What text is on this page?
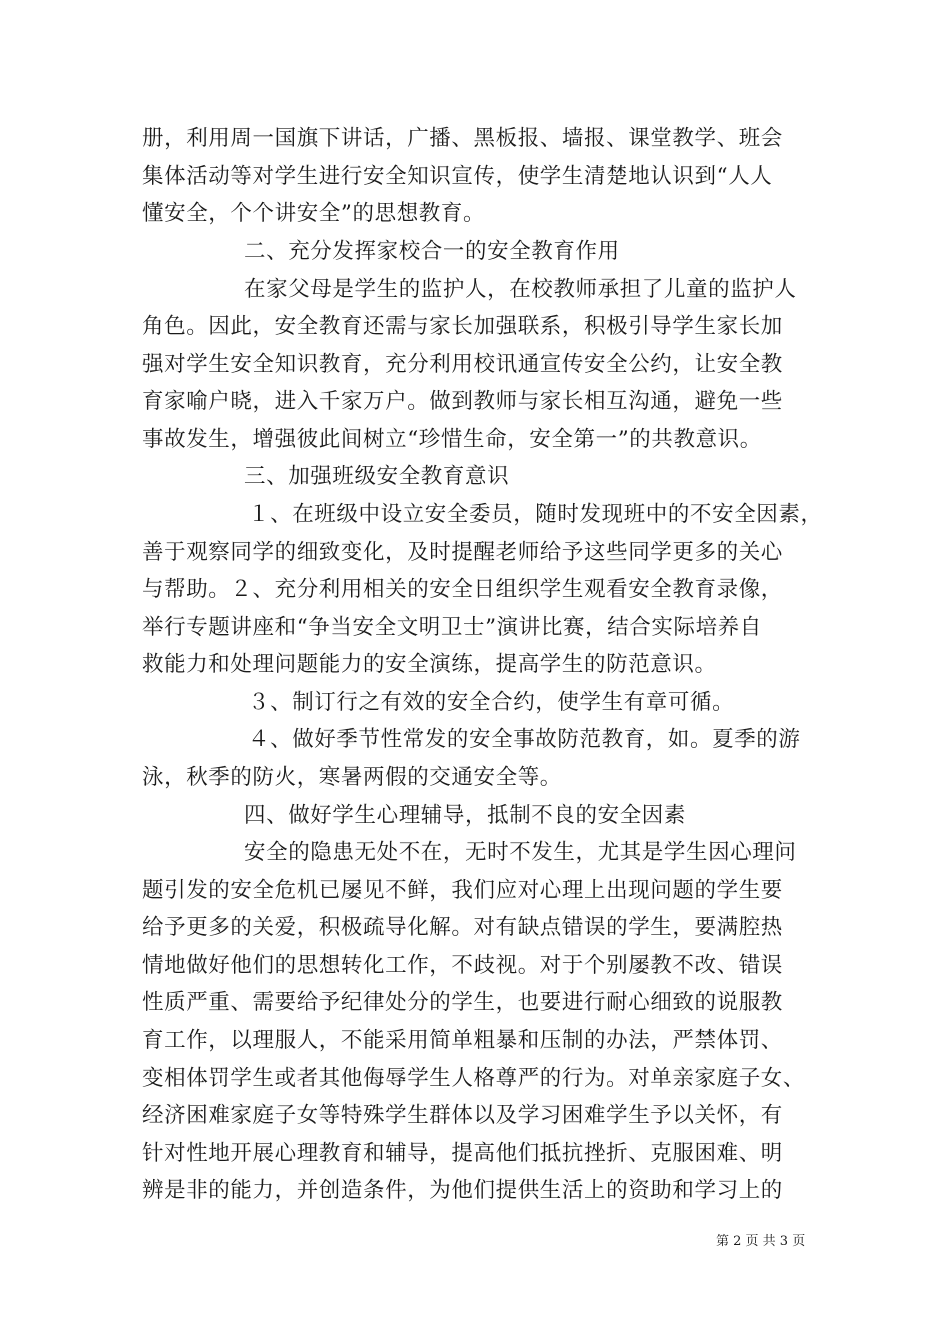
册，利用周一国旗下讲话，广播、黑板报、墙报、课堂教学、班会
集体活动等对学生进行安全知识宣传，使学生清楚地认识到“人人
懂安全，个个讲安全”的思想教育。
二、充分发挥家校合一的安全教育作用
在家父母是学生的监护人，在校教师承担了儿童的监护人
角色。因此，安全教育还需与家长加强联系，积极引导学生家长加
强对学生安全知识教育，充分利用校讯通宣传安全公约，让安全教
育家喻户晓，进入千家万户。做到教师与家长相互沟通，避免一些
事故发生，增强彼此间树立“珍惜生命，安全第一”的共教意识。
三、加强班级安全教育意识
１、在班级中设立安全委员，随时发现班中的不安全因素，
善于观察同学的细致变化，及时提醒老师给予这些同学更多的关心
与帮助。２、充分利用相关的安全日组织学生观看安全教育录像，
举行专题讲座和“争当安全文明卫士”演讲比赛，结合实际培养自
救能力和处理问题能力的安全演练，提高学生的防范意识。
３、制订行之有效的安全合约，使学生有章可循。
４、做好季节性常发的安全事故防范教育，如。夏季的游
泳，秋季的防火，寒暑两假的交通安全等。
四、做好学生心理辅导，抵制不良的安全因素
安全的隐患无处不在，无时不发生，尤其是学生因心理问
题引发的安全危机已屡见不鲜，我们应对心理上出现问题的学生要
给予更多的关爱，积极疏导化解。对有缺点错误的学生，要满腔热
情地做好他们的思想转化工作，不歧视。对于个别屡教不改、错误
性质严重、需要给予纪律处分的学生，也要进行耐心细致的说服教
育工作，以理服人，不能采用简单粗暴和压制的办法，严禁体罚、
变相体罚学生或者其他侮辱学生人格尊严的行为。对单亲家庭子女、
经济困难家庭子女等特殊学生群体以及学习困难学生予以关怀，有
针对性地开展心理教育和辅导，提高他们抵抗挫折、克服困难、明
辨是非的能力，并创造条件，为他们提供生活上的资助和学习上的
第 2 页 共 3 页
